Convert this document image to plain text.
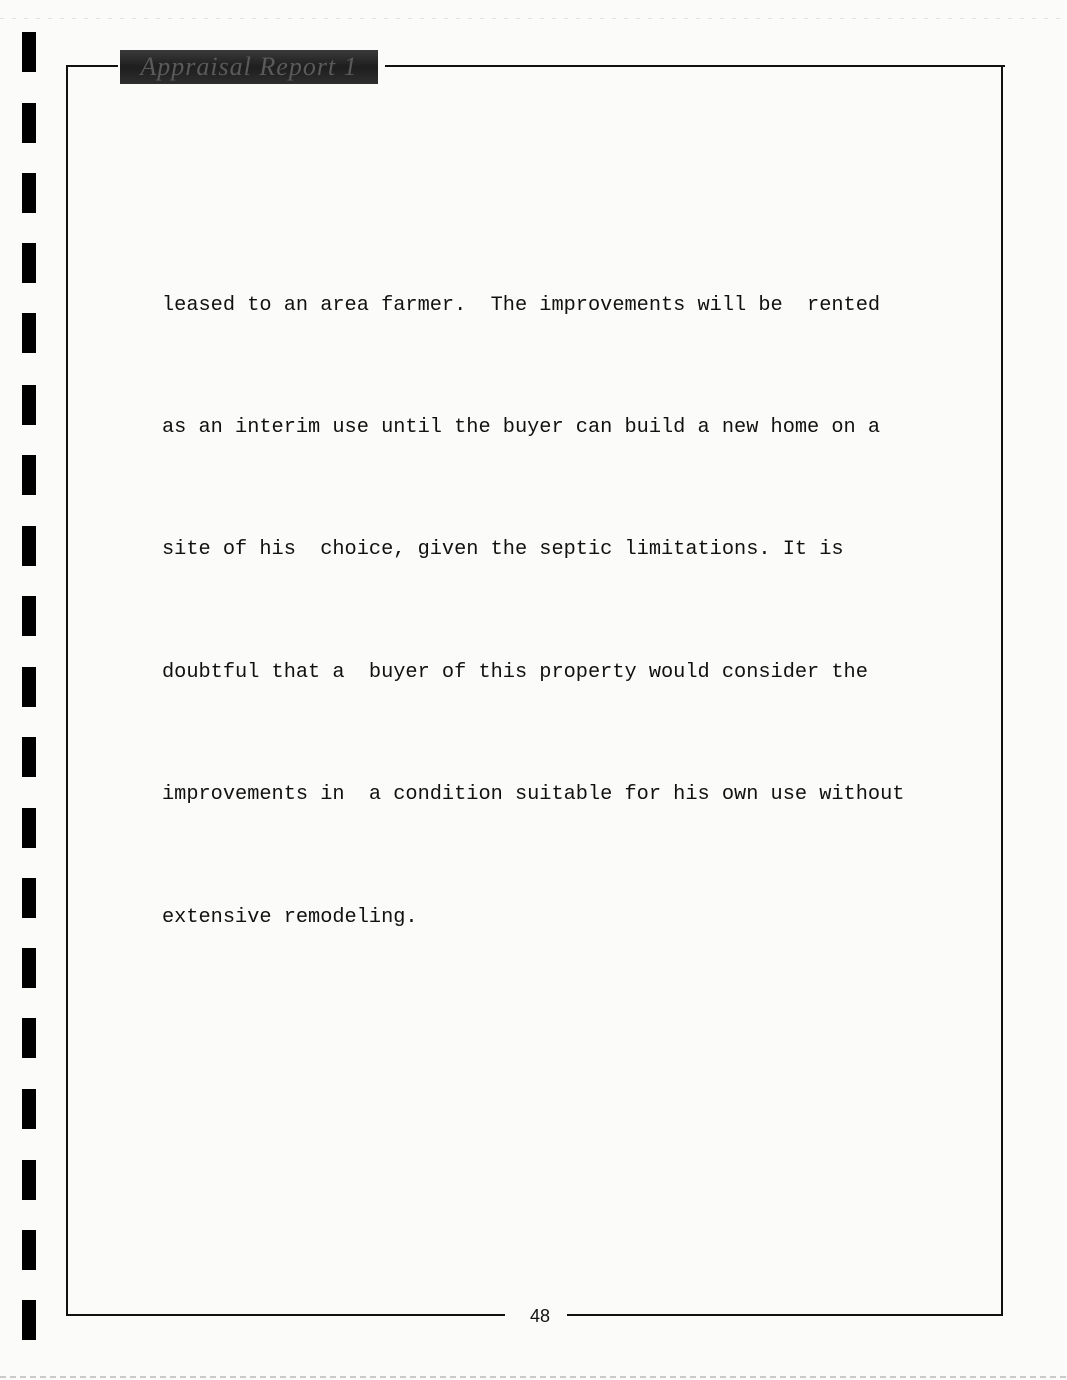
Appraisal Report 1

leased to an area farmer.  The improvements will be  rented

as an interim use until the buyer can build a new home on a

site of his  choice, given the septic limitations. It is

doubtful that a  buyer of this property would consider the

improvements in  a condition suitable for his own use without

extensive remodeling.

48
